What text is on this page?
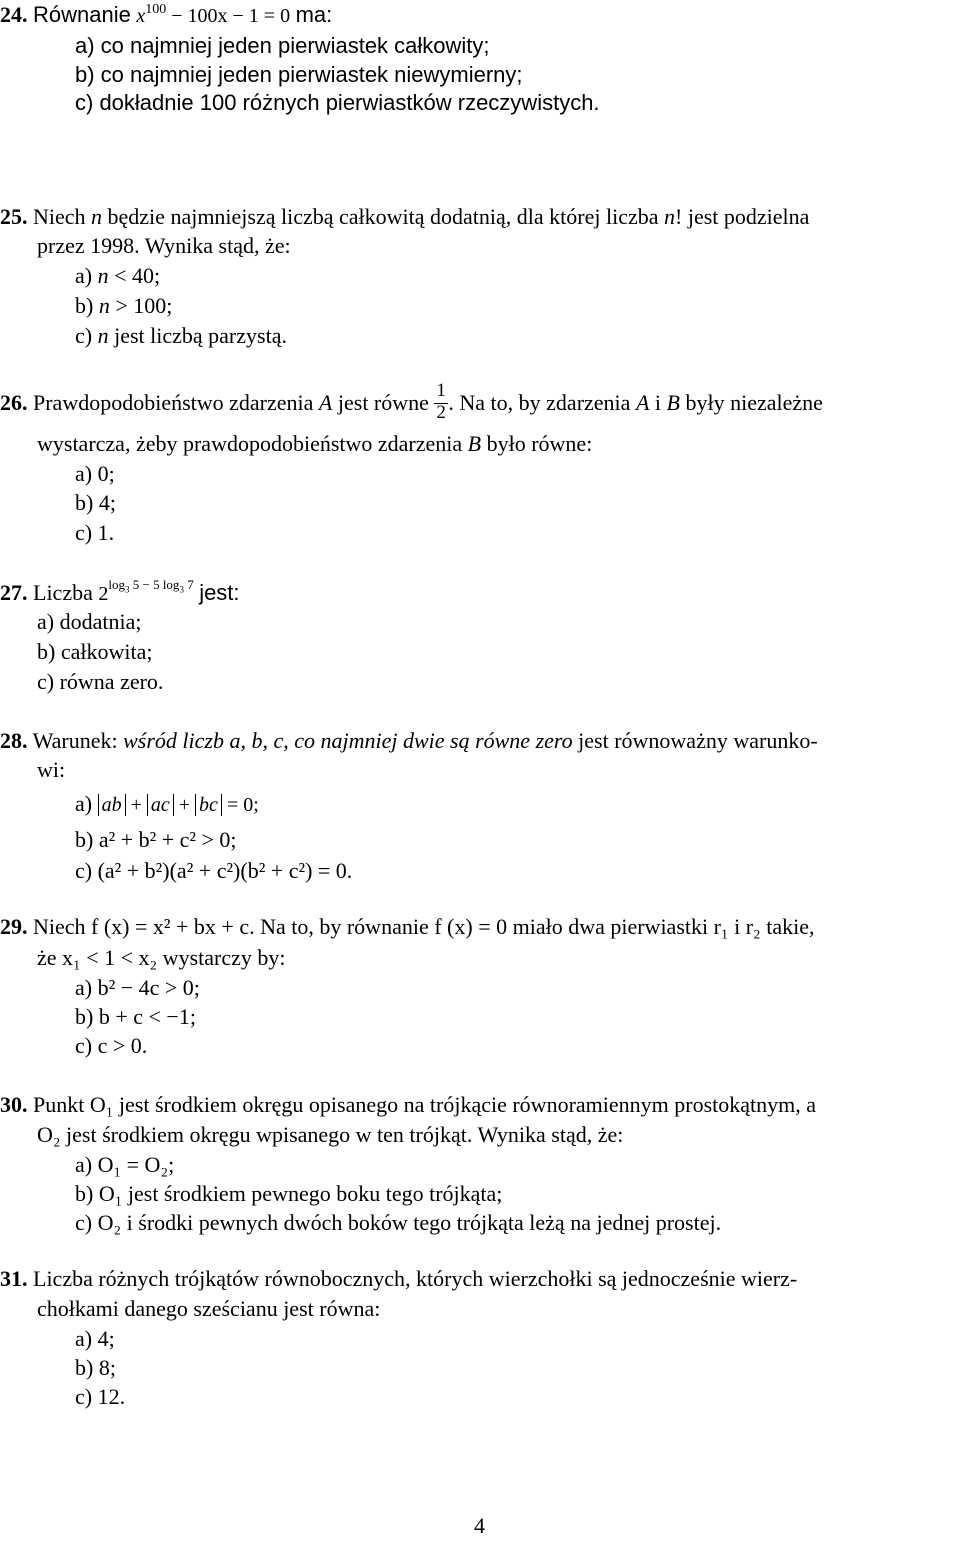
24. Równanie $x^{100} - 100x - 1 = 0$ ma:
a) co najmniej jeden pierwiastek całkowity;
b) co najmniej jeden pierwiastek niewymierny;
c) dokładnie 100 różnych pierwiastków rzeczywistych.
25. Niech n będzie najmniejszą liczbą całkowitą dodatnią, dla której liczba n! jest podzielna
przez 1998. Wynika stąd, że:
a) n < 40;
b) n > 100;
c) n jest liczbą parzystą.
26. Prawdopodobieństwo zdarzenia A jest równe $\frac{1}{2}$ . Na to, by zdarzenia A i B były niezależne
wystarcza, żeby prawdopodobieństwo zdarzenia B było równe:
a) 0;
b) 4;
c) 1.
27. Liczba $2^{log_3 5 - 5 log_3 7}$ jest:
a) dodatnia;
b) całkowita;
c) równa zero.
28. Warunek: wśród liczb a, b, c, co najmniej dwie są równe zero jest równoważny warunko-
wi:
a) ab + ac + bc = 0;
b) a² + b² + c² > 0;
c) (a² + b²)(a² + c²)(b² + c²) = 0.
29. Niech f (x) = x² + bx + c. Na to, by równanie f (x) = 0 miało dwa pierwiastki r₁ i r₂ takie,
że x₁ < 1 < x₂ wystarczy by:
a) b² − 4c > 0;
b) b + c < −1;
c) c > 0.
30. Punkt O₁ jest środkiem okręgu opisanego na trójkącie równoramiennym prostokątnym, a
O₂ jest środkiem okręgu wpisanego w ten trójkąt. Wynika stąd, że:
a) O₁ = O₂;
b) O₁ jest środkiem pewnego boku tego trójkąta;
c) O₂ i środki pewnych dwóch boków tego trójkąta leżą na jednej prostej.
31. Liczba różnych trójkątów równobocznych, których wierzchołki są jednocześnie wierz-
chołkami danego sześcianu jest równa:
a) 4;
b) 8;
c) 12.
4
